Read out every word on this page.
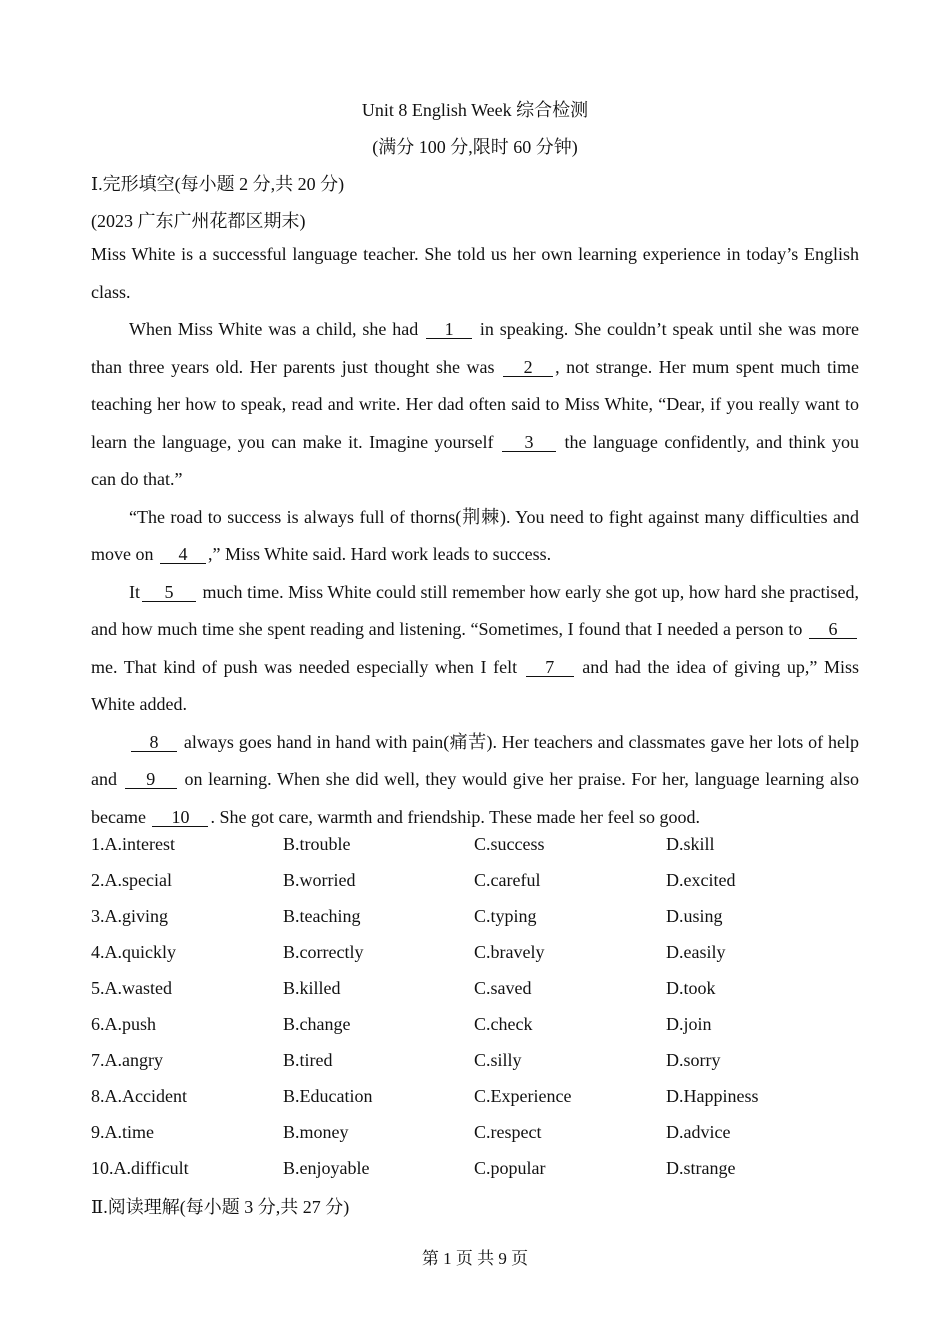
Unit 8 English Week 综合检测
(满分 100 分,限时 60 分钟)
Ⅰ.完形填空(每小题 2 分,共 20 分)
(2023 广东广州花都区期末)

Miss White is a successful language teacher. She told us her own learning experience in today’s English class.

When Miss White was a child, she had 1 in speaking. She couldn’t speak until she was more than three years old. Her parents just thought she was 2 , not strange. Her mum spent much time teaching her how to speak, read and write. Her dad often said to Miss White, “Dear, if you really want to learn the language, you can make it. Imagine yourself 3 the language confidently, and think you can do that.”

“The road to success is always full of thorns(荆棘). You need to fight against many difficulties and move on 4 ,” Miss White said. Hard work leads to success.

It 5 much time. Miss White could still remember how early she got up, how hard she practised, and how much time she spent reading and listening. “Sometimes, I found that I needed a person to 6 me. That kind of push was needed especially when I felt 7 and had the idea of giving up,” Miss White added.

8 always goes hand in hand with pain(痛苦). Her teachers and classmates gave her lots of help and 9 on learning. When she did well, they would give her praise. For her, language learning also became 10 . She got care, warmth and friendship. These made her feel so good.

1.A.interest	B.trouble	C.success	D.skill
2.A.special	B.worried	C.careful	D.excited
3.A.giving	B.teaching	C.typing	D.using
4.A.quickly	B.correctly	C.bravely	D.easily
5.A.wasted	B.killed	C.saved	D.took
6.A.push	B.change	C.check	D.join
7.A.angry	B.tired	C.silly	D.sorry
8.A.Accident	B.Education	C.Experience	D.Happiness
9.A.time	B.money	C.respect	D.advice
10.A.difficult	B.enjoyable	C.popular	D.strange
Ⅱ.阅读理解(每小题 3 分,共 27 分)
第 1 页 共 9 页
